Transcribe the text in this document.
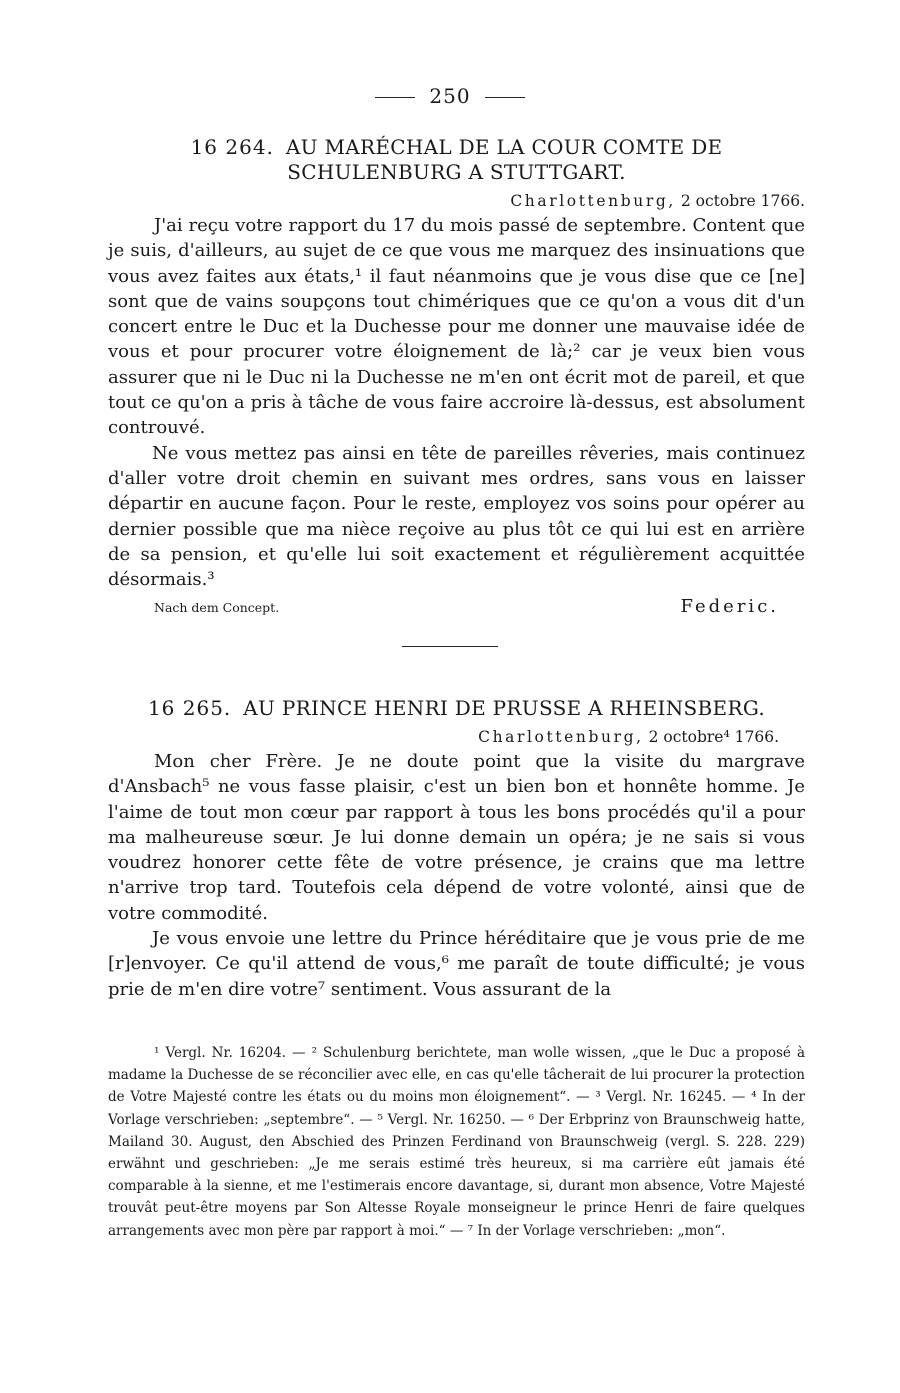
250

16 264. AU MARÉCHAL DE LA COUR COMTE DE SCHULENBURG A STUTTGART.

Charlottenburg, 2 octobre 1766.

J'ai reçu votre rapport du 17 du mois passé de septembre. Content que je suis, d'ailleurs, au sujet de ce que vous me marquez des insinuations que vous avez faites aux états,¹ il faut néanmoins que je vous dise que ce [ne] sont que de vains soupçons tout chimériques que ce qu'on a vous dit d'un concert entre le Duc et la Duchesse pour me donner une mauvaise idée de vous et pour procurer votre éloignement de là;² car je veux bien vous assurer que ni le Duc ni la Duchesse ne m'en ont écrit mot de pareil, et que tout ce qu'on a pris à tâche de vous faire accroire là-dessus, est absolument controuvé.

Ne vous mettez pas ainsi en tête de pareilles rêveries, mais continuez d'aller votre droit chemin en suivant mes ordres, sans vous en laisser départir en aucune façon. Pour le reste, employez vos soins pour opérer au dernier possible que ma nièce reçoive au plus tôt ce qui lui est en arrière de sa pension, et qu'elle lui soit exactement et régulièrement acquittée désormais.³

Nach dem Concept.	Federic.

16 265. AU PRINCE HENRI DE PRUSSE A RHEINSBERG.

Charlottenburg, 2 octobre⁴ 1766.

Mon cher Frère. Je ne doute point que la visite du margrave d'Ansbach⁵ ne vous fasse plaisir, c'est un bien bon et honnête homme. Je l'aime de tout mon cœur par rapport à tous les bons procédés qu'il a pour ma malheureuse sœur. Je lui donne demain un opéra; je ne sais si vous voudrez honorer cette fête de votre présence, je crains que ma lettre n'arrive trop tard. Toutefois cela dépend de votre volonté, ainsi que de votre commodité.

Je vous envoie une lettre du Prince héréditaire que je vous prie de me [r]envoyer. Ce qu'il attend de vous,⁶ me paraît de toute difficulté; je vous prie de m'en dire votre⁷ sentiment. Vous assurant de la

¹ Vergl. Nr. 16204. — ² Schulenburg berichtete, man wolle wissen, „que le Duc a proposé à madame la Duchesse de se réconcilier avec elle, en cas qu'elle tâcherait de lui procurer la protection de Votre Majesté contre les états ou du moins mon éloignement“. — ³ Vergl. Nr. 16245. — ⁴ In der Vorlage verschrieben: „septembre“. — ⁵ Vergl. Nr. 16250. — ⁶ Der Erbprinz von Braunschweig hatte, Mailand 30. August, den Abschied des Prinzen Ferdinand von Braunschweig (vergl. S. 228. 229) erwähnt und geschrieben: „Je me serais estimé très heureux, si ma carrière eût jamais été comparable à la sienne, et me l'estimerais encore davantage, si, durant mon absence, Votre Majesté trouvât peut-être moyens par Son Altesse Royale monseigneur le prince Henri de faire quelques arrangements avec mon père par rapport à moi.“ — ⁷ In der Vorlage verschrieben: „mon“.
